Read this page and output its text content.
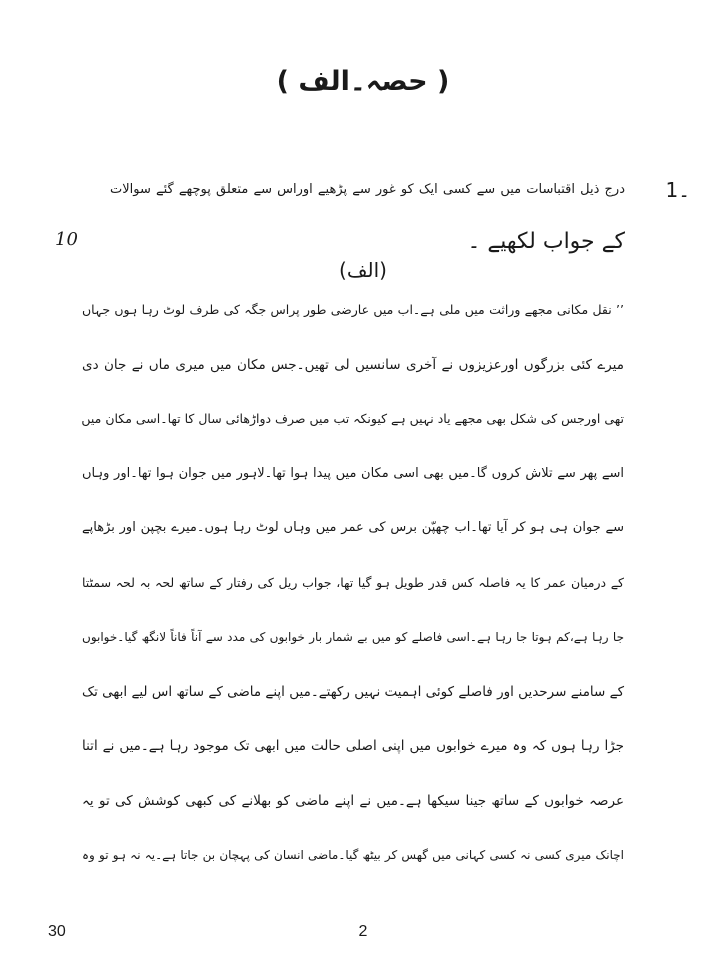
( حصہ۔الف )
1۔
درج ذیل اقتباسات میں سے کسی ایک کو غور سے پڑھیے اوراس سے متعلق پوچھے گئے سوالات
کے جواب لکھیے ۔
10
(الف)
’’ نقل مکانی مجھے وراثت میں ملی ہے۔اب میں عارضی طور پراس جگہ کی طرف لوٹ رہا ہوں جہاں
میرے کئی بزرگوں اورعزیزوں نے آخری سانسیں لی تھیں۔جس مکان میں میری ماں نے جان دی
تھی اورجس کی شکل بھی مجھے یاد نہیں ہے کیونکہ تب میں صرف دواڑھائی سال کا تھا۔اسی مکان میں
اسے پھر سے تلاش کروں گا۔میں بھی اسی مکان میں پیدا ہوا تھا۔لاہور میں جوان ہوا تھا۔اور وہاں
سے جوان ہی ہو کر آیا تھا۔اب چھپّن برس کی عمر میں وہاں لوٹ رہا ہوں۔میرے بچپن اور بڑھاپے
کے درمیان عمر کا یہ فاصلہ کس قدر طویل ہو گیا تھا، جواب ریل کی رفتار کے ساتھ لحہ بہ لحہ سمٹتا
جا رہا ہے،کم ہوتا جا رہا ہے۔اسی فاصلے کو میں بے شمار بار خوابوں کی مدد سے آناً فاناً لانگھ گیا۔خوابوں
کے سامنے سرحدیں اور فاصلے کوئی اہمیت نہیں رکھتے۔میں اپنے ماضی کے ساتھ اس لیے ابھی تک
جڑا رہا ہوں کہ وہ میرے خوابوں میں اپنی اصلی حالت میں ابھی تک موجود رہا ہے۔میں نے اتنا
عرصہ خوابوں کے ساتھ جینا سیکھا ہے۔میں نے اپنے ماضی کو بھلانے کی کبھی کوشش کی تو یہ
اچانک میری کسی نہ کسی کہانی میں گھس کر بیٹھ گیا۔ماضی انسان کی پہچان بن جاتا ہے۔یہ نہ ہو تو وہ
30	2
